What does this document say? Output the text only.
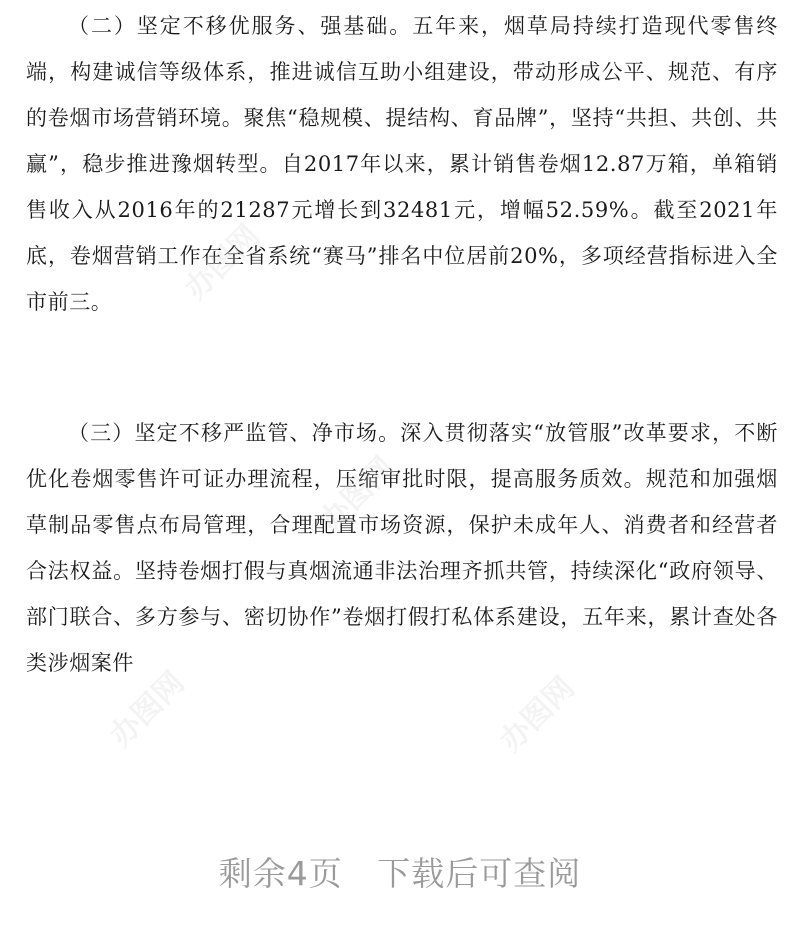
（二）坚定不移优服务、强基础。五年来，烟草局持续打造现代零售终端，构建诚信等级体系，推进诚信互助小组建设，带动形成公平、规范、有序的卷烟市场营销环境。聚焦“稳规模、提结构、育品牌”，坚持“共担、共创、共赢”，稳步推进豫烟转型。自2017年以来，累计销售卷烟12.87万箱，单箱销售收入从2016年的21287元增长到32481元，增幅52.59%。截至2021年底，卷烟营销工作在全省系统“赛马”排名中位居前20%，多项经营指标进入全市前三。

（三）坚定不移严监管、净市场。深入贯彻落实“放管服”改革要求，不断优化卷烟零售许可证办理流程，压缩审批时限，提高服务质效。规范和加强烟草制品零售点布局管理，合理配置市场资源，保护未成年人、消费者和经营者合法权益。坚持卷烟打假与真烟流通非法治理齐抓共管，持续深化“政府领导、部门联合、多方参与、密切协作”卷烟打假打私体系建设，五年来，累计查处各类涉烟案件

办图网
办图网
办图网	办图网
剩余4页 下载后可查阅
